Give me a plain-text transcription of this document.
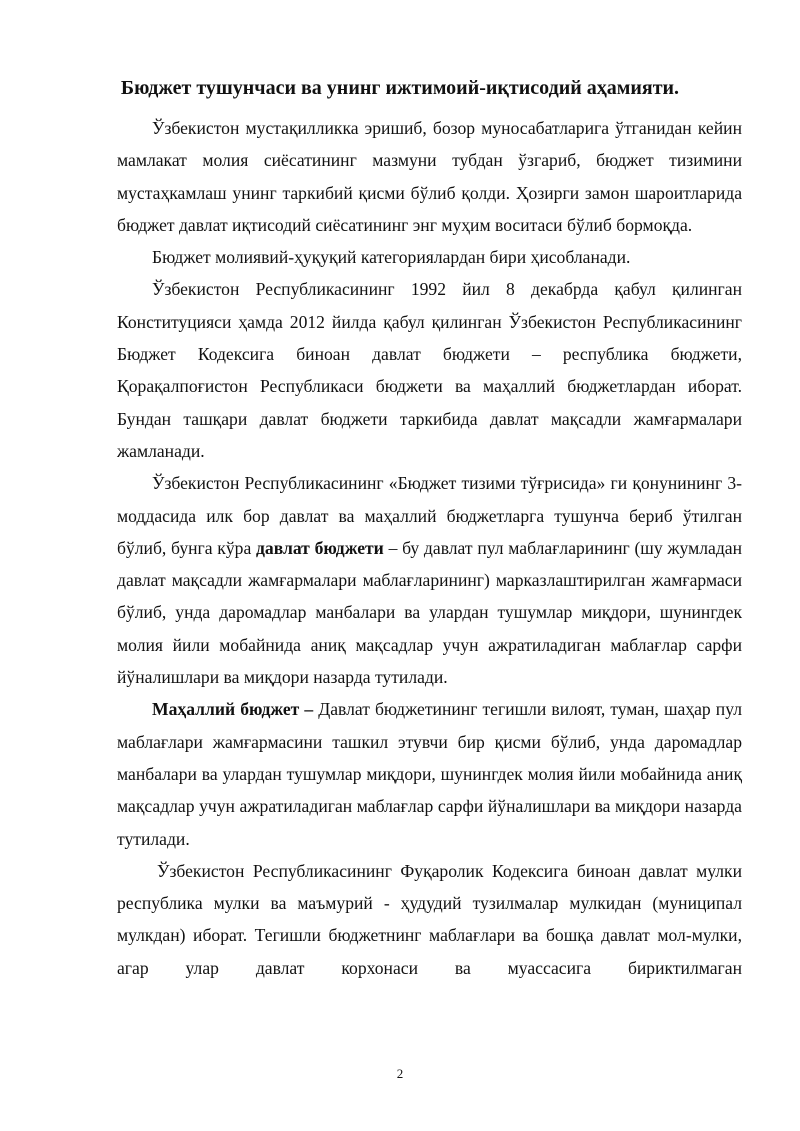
Бюджет тушунчаси ва унинг ижтимоий-иқтисодий аҳамияти.

Ўзбекистон мустақилликка эришиб, бозор муносабатларига ўтганидан кейин мамлакат молия сиёсатининг мазмуни тубдан ўзгариб, бюджет тизимини мустаҳкамлаш унинг таркибий қисми бўлиб қолди. Ҳозирги замон шароитларида бюджет давлат иқтисодий сиёсатининг энг муҳим воситаси бўлиб бормоқда.

Бюджет молиявий-ҳуқуқий категориялардан бири ҳисобланади.

Ўзбекистон Республикасининг 1992 йил 8 декабрда қабул қилинган Конституцияси ҳамда 2012 йилда қабул қилинган Ўзбекистон Республикасининг Бюджет Кодексига биноан давлат бюджети – республика бюджети, Қорақалпоғистон Республикаси бюджети ва маҳаллий бюджетлардан иборат. Бундан ташқари давлат бюджети таркибида давлат мақсадли жамғармалари жамланади.

Ўзбекистон Республикасининг «Бюджет тизими тўғрисида» ги қонунининг 3-моддасида илк бор давлат ва маҳаллий бюджетларга тушунча бериб ўтилган бўлиб, бунга кўра давлат бюджети – бу давлат пул маблағларининг (шу жумладан давлат мақсадли жамғармалари маблағларининг) марказлаштирилган жамғармаси бўлиб, унда даромадлар манбалари ва улардан тушумлар миқдори, шунингдек молия йили мобайнида аниқ мақсадлар учун ажратиладиган маблағлар сарфи йўналишлари ва миқдори назарда тутилади.

Маҳаллий бюджет – Давлат бюджетининг тегишли вилоят, туман, шаҳар пул маблағлари жамғармасини ташкил этувчи бир қисми бўлиб, унда даромадлар манбалари ва улардан тушумлар миқдори, шунингдек молия йили мобайнида аниқ мақсадлар учун ажратиладиган маблағлар сарфи йўналишлари ва миқдори назарда тутилади.

Ўзбекистон Республикасининг Фуқаролик Кодексига биноан давлат мулки республика мулки ва маъмурий - ҳудудий тузилмалар мулкидан (муниципал мулкдан) иборат. Тегишли бюджетнинг маблағлари ва бошқа давлат мол-мулки, агар улар давлат корхонаси ва муассасига бириктилмаган

2
